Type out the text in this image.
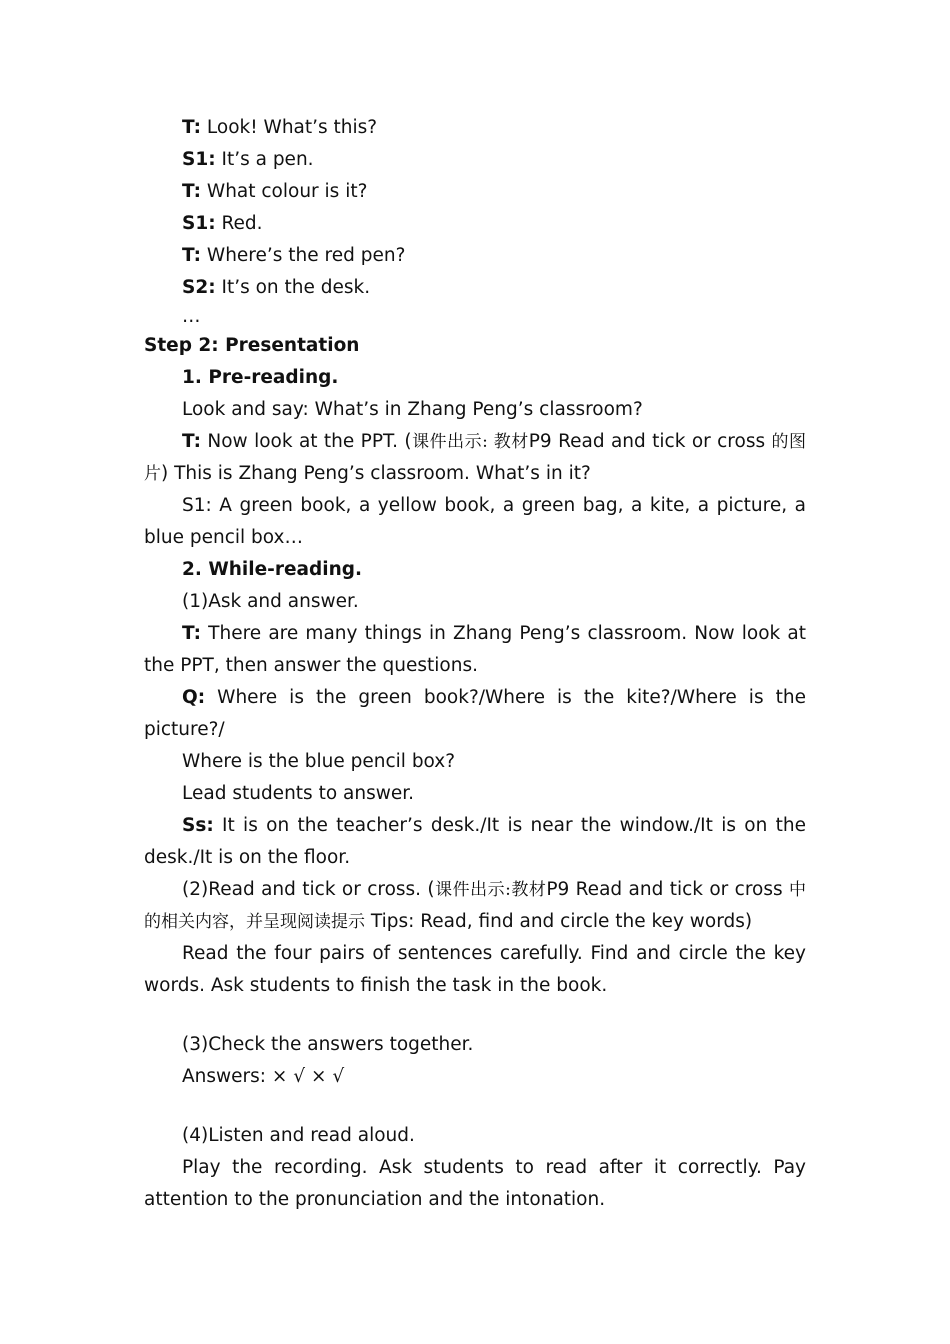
T: Look! What’s this?

S1: It’s a pen.

T: What colour is it?

S1: Red.

T: Where’s the red pen?

S2: It’s on the desk.

…

Step 2: Presentation

1. Pre-reading.

Look and say: What’s in Zhang Peng’s classroom?

T: Now look at the PPT. (课件出示: 教材P9 Read and tick or cross 的图片) This is Zhang Peng’s classroom. What’s in it?

S1: A green book, a yellow book, a green bag, a kite, a picture, a blue pencil box…

2. While-reading.

(1)Ask and answer.

T: There are many things in Zhang Peng’s classroom. Now look at the PPT, then answer the questions.

Q: Where is the green book?/Where is the kite?/Where is the picture?/

Where is the blue pencil box?

Lead students to answer.

Ss: It is on the teacher’s desk./It is near the window./It is on the desk./It is on the floor.

(2)Read and tick or cross. (课件出示:教材P9 Read and tick or cross 中的相关内容，并呈现阅读提示 Tips: Read, find and circle the key words)

Read the four pairs of sentences carefully. Find and circle the key words. Ask students to finish the task in the book.

(3)Check the answers together.

Answers: × √ × √

(4)Listen and read aloud.

Play the recording. Ask students to read after it correctly. Pay attention to the pronunciation and the intonation.
